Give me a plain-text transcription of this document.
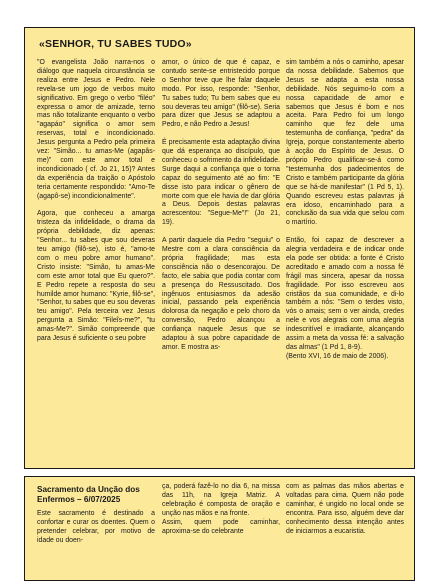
«SENHOR, TU SABES TUDO»

"O evangelista João narra-nos o diálogo que naquela circunstância se realiza entre Jesus e Pedro. Nele revela-se um jogo de verbos muito significativo. Em grego o verbo "filéo" expressa o amor de amizade, terno mas não totalizante enquanto o verbo "agapáo" significa o amor sem reservas, total e incondicionado. Jesus pergunta a Pedro pela primeira vez: "Simão... tu amas-Me (agapâs-me)" com este amor total e incondicionado ( cf. Jo 21, 15)? Antes da experiência da traição o Apóstolo teria certamente respondido: "Amo-Te (agapô-se) incondicionalmente".

Agora, que conheceu a amarga tristeza da infidelidade, o drama da própria debilidade, diz apenas: "Senhor... tu sabes que sou deveras teu amigo (filô-se), isto é, "amo-te com o meu pobre amor humano". Cristo insiste: "Simão, tu amas-Me com este amor total que Eu quero?". E Pedro repete a resposta do seu humilde amor humano: "Kyrie, filô-se", "Senhor, tu sabes que eu sou deveras teu amigo". Pela terceira vez Jesus pergunta a Simão: "Fileîs-me?", "tu amas-Me?". Simão compreende que para Jesus é suficiente o seu pobre

amor, o único de que é capaz, e contudo sente-se entristecido porque o Senhor teve que lhe falar daquele modo. Por isso, responde: "Senhor, Tu sabes tudo; Tu bem sabes que eu sou deveras teu amigo" (filô-se). Seria para dizer que Jesus se adaptou a Pedro, e não Pedro a Jesus!

É precisamente esta adaptação divina que dá esperança ao discípulo, que conheceu o sofrimento da infidelidade. Surge daqui a confiança que o torna capaz do seguimento até ao fim: "E disse isto para indicar o gênero de morte com que ele havia de dar glória a Deus. Depois destas palavras acrescentou: "Segue-Me"!" (Jo 21, 19).

A partir daquele dia Pedro "seguiu" o Mestre com a clara consciência da própria fragilidade; mas esta consciência não o desencorajou. De facto, ele sabia que podia contar com a presença do Ressuscitado. Dos ingênuos entusiasmos da adesão inicial, passando pela experiência dolorosa da negação e pelo choro da conversão, Pedro alcançou a confiança naquele Jesus que se adaptou à sua pobre capacidade de amor. E mostra as-

sim também a nós o caminho, apesar da nossa debilidade. Sabemos que Jesus se adapta a esta nossa debilidade. Nós seguimo-lo com a nossa capacidade de amor e sabemos que Jesus é bom e nos aceita. Para Pedro foi um longo caminho que fez dele uma testemunha de confiança, "pedra" da Igreja, porque constantemente aberto à acção do Espírito de Jesus. O próprio Pedro qualificar-se-á como "testemunha dos padecimentos de Cristo e também participante da glória que se há-de manifestar" (1 Pd 5, 1). Quando escreveu estas palavras já era idoso, encaminhado para a conclusão da sua vida que selou com o martírio.

Então, foi capaz de descrever a alegria verdadeira e de indicar onde ela pode ser obtida: a fonte é Cristo acreditado e amado com a nossa fé frágil mas sincera, apesar da nossa fragilidade. Por isso escreveu aos cristãos da sua comunidade, e di-lo também a nós: "Sem o terdes visto, vós o amais; sem o ver ainda, credes nele e vos alegrais com uma alegria indescritível e irradiante, alcançando assim a meta da vossa fé: a salvação das almas" (1 Pd 1, 8-9).

(Bento XVI, 16 de maio de 2006).

Sacramento da Unção dos Enfermos – 6/07/2025

Este sacramento é destinado a confortar e curar os doentes. Quem o pretender celebrar, por motivo de idade ou doen-

ça, poderá fazê-lo no dia 6, na missa das 11h, na Igreja Matriz. A celebração é composta de oração e unção nas mãos e na fronte.

Assim, quem pode caminhar, aproxima-se do celebrante

com as palmas das mãos abertas e voltadas para cima. Quem não pode caminhar, é ungido no local onde se encontra. Para isso, alguém deve dar conhecimento dessa intenção antes de iniciarmos a eucaristia.
